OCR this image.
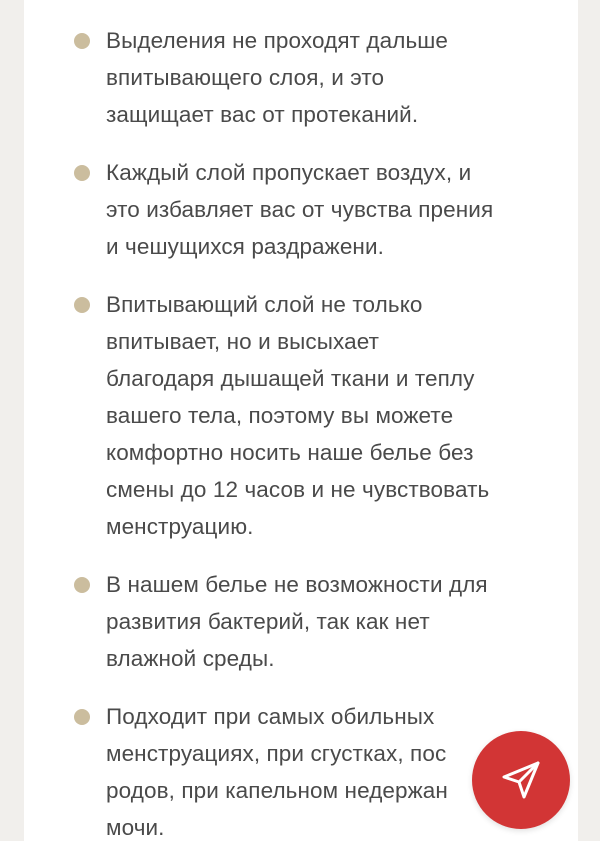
Выделения не проходят дальше
впитывающего слоя, и это
защищает вас от протеканий.
Каждый слой пропускает воздух, и
это избавляет вас от чувства прения
и чешущихся раздражени.
Впитывающий слой не только
впитывает, но и высыхает
благодаря дышащей ткани и теплу
вашего тела, поэтому вы можете
комфортно носить наше белье без
смены до 12 часов и не чувствовать
менструацию.
В нашем белье не возможности для
развития бактерий, так как нет
влажной среды.
Подходит при самых обильных
менструациях, при сгустках, пос
родов, при капельном недержан
мочи.
